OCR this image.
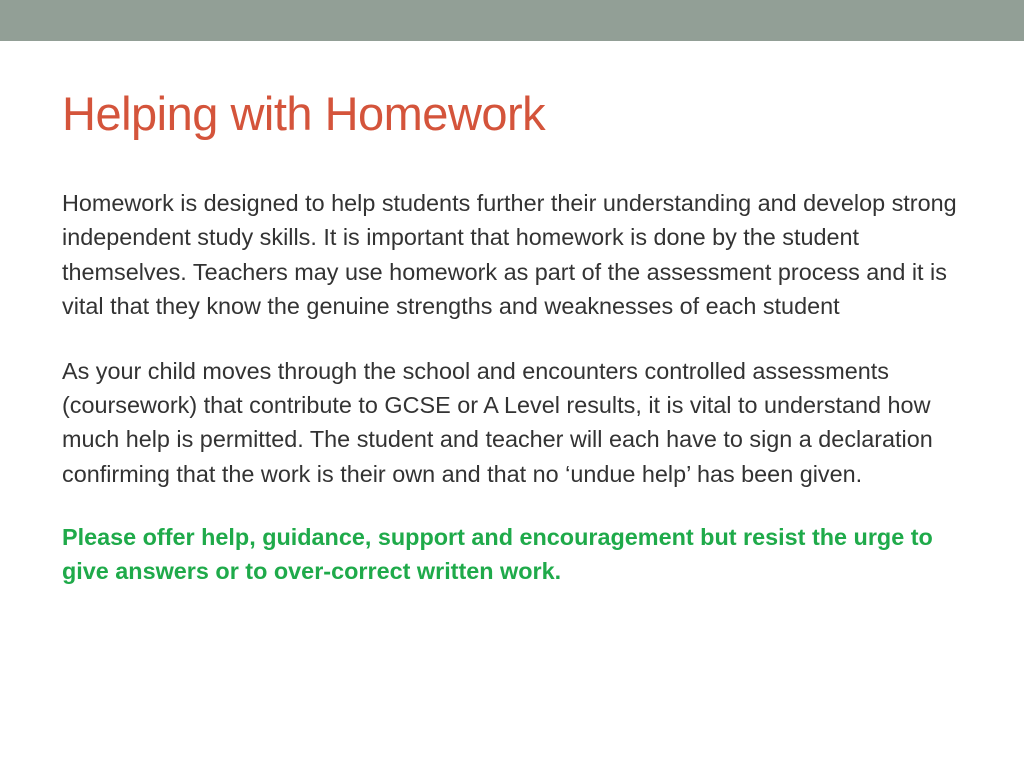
Helping with Homework

Homework is designed to help students further their understanding and develop strong independent study skills. It is important that homework is done by the student themselves. Teachers may use homework as part of the assessment process and it is vital that they know the genuine strengths and weaknesses of each student

As your child moves through the school and encounters controlled assessments (coursework) that contribute to GCSE or A Level results, it is vital to understand how much help is permitted. The student and teacher will each have to sign a declaration confirming that the work is their own and that no ‘undue help’ has been given.

Please offer help, guidance, support and encouragement but resist the urge to give answers or to over-correct written work.
